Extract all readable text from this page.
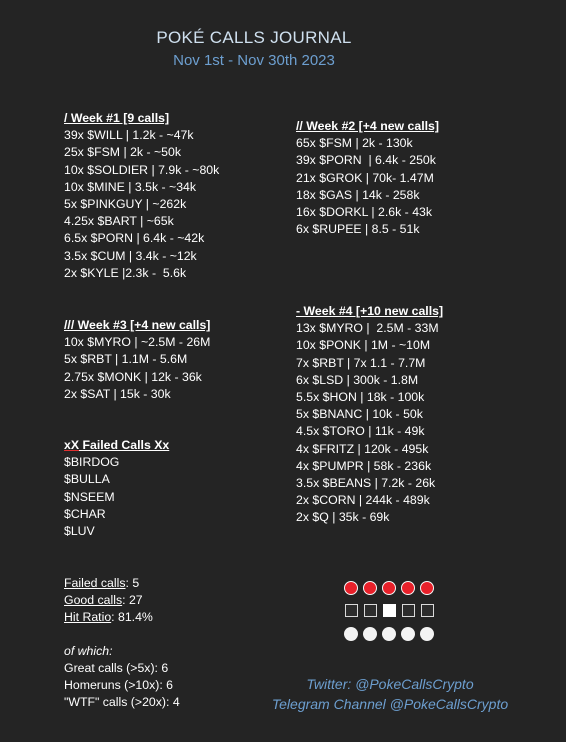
POKÉ CALLS JOURNAL
Nov 1st - Nov 30th 2023
/ Week #1 [9 calls]
39x $WILL | 1.2k - ~47k
25x $FSM | 2k - ~50k
10x $SOLDIER | 7.9k - ~80k
10x $MINE | 3.5k - ~34k
5x $PINKGUY | ~262k
4.25x $BART | ~65k
6.5x $PORN | 6.4k - ~42k
3.5x $CUM | 3.4k - ~12k
2x $KYLE |2.3k -  5.6k
// Week #2 [+4 new calls]
65x $FSM | 2k - 130k
39x $PORN  | 6.4k - 250k
21x $GROK | 70k- 1.47M
18x $GAS | 14k - 258k
16x $DORKL | 2.6k - 43k
6x $RUPEE | 8.5 - 51k
/// Week #3 [+4 new calls]
10x $MYRO | ~2.5M - 26M
5x $RBT | 1.1M - 5.6M
2.75x $MONK | 12k - 36k
2x $SAT | 15k - 30k
- Week #4 [+10 new calls]
13x $MYRO |  2.5M - 33M
10x $PONK | 1M - ~10M
7x $RBT | 7x 1.1 - 7.7M
6x $LSD | 300k - 1.8M
5.5x $HON | 18k - 100k
5x $BNANC | 10k - 50k
4.5x $TORO | 11k - 49k
4x $FRITZ | 120k - 495k
4x $PUMPR | 58k - 236k
3.5x $BEANS | 7.2k - 26k
2x $CORN | 244k - 489k
2x $Q | 35k - 69k
xX Failed Calls Xx
$BIRDOG
$BULLA
$NSEEM
$CHAR
$LUV
Failed calls: 5
Good calls: 27
Hit Ratio: 81.4%
of which:
Great calls (>5x): 6
Homeruns (>10x): 6
"WTF" calls (>20x): 4
Twitter: @PokeCallsCrypto
Telegram Channel @PokeCallsCrypto
